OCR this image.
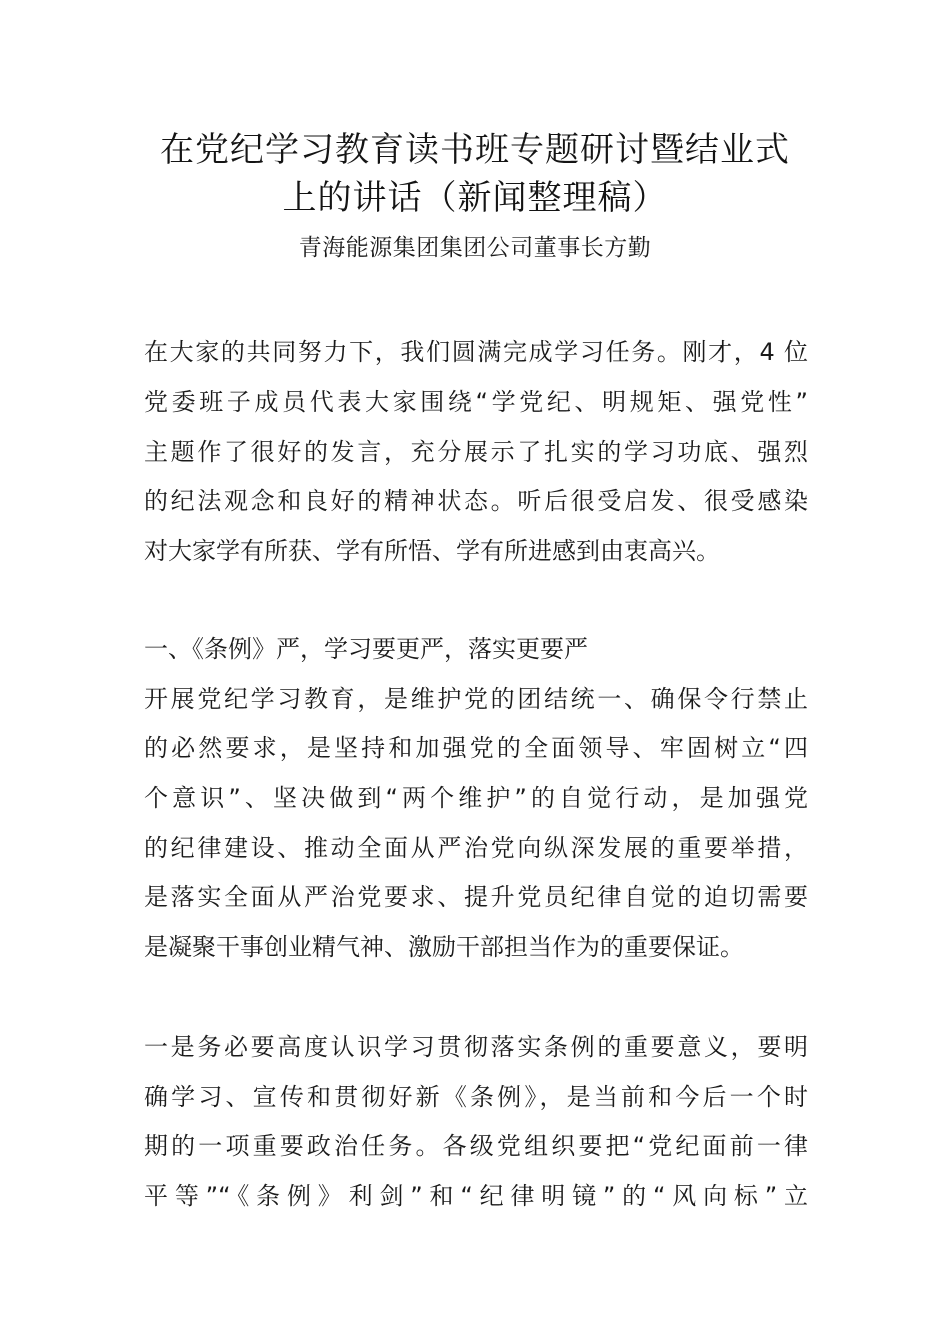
在党纪学习教育读书班专题研讨暨结业式
上的讲话（新闻整理稿）
青海能源集团集团公司董事长方勤
在大家的共同努力下，我们圆满完成学习任务。刚才，4 位
党委班子成员代表大家围绕“学党纪、明规矩、强党性”
主题作了很好的发言，充分展示了扎实的学习功底、强烈
的纪法观念和良好的精神状态。听后很受启发、很受感染
对大家学有所获、学有所悟、学有所进感到由衷高兴。
一、《条例》严，学习要更严，落实更要严
开展党纪学习教育，是维护党的团结统一、确保令行禁止
的必然要求，是坚持和加强党的全面领导、牢固树立“四
个意识”、坚决做到“两个维护”的自觉行动，是加强党
的纪律建设、推动全面从严治党向纵深发展的重要举措，
是落实全面从严治党要求、提升党员纪律自觉的迫切需要
是凝聚干事创业精气神、激励干部担当作为的重要保证。
一是务必要高度认识学习贯彻落实条例的重要意义，要明
确学习、宣传和贯彻好新《条例》，是当前和今后一个时
期的一项重要政治任务。各级党组织要把“党纪面前一律
平等”“《条例》利剑”和“纪律明镜”的“风向标”立
